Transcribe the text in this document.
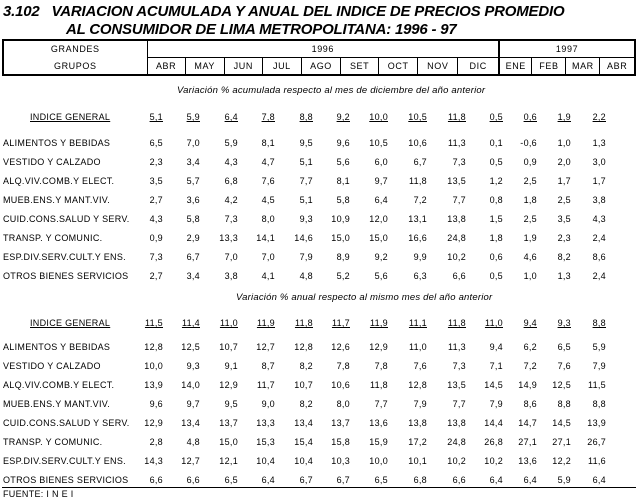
3.102 VARIACION ACUMULADA Y ANUAL DEL INDICE DE PRECIOS PROMEDIO
AL CONSUMIDOR DE LIMA METROPOLITANA: 1996 - 97
GRANDES	1996									1997			
GRUPOS	ABR	MAY	JUN	JUL	AGO	SET	OCT	NOV	DIC	ENE	FEB	MAR	ABR
Variación % acumulada respecto al mes de diciembre del año anterior
INDICE GENERAL	5,1	5,9	6,4	7,8	8,8	9,2	10,0	10,5	11,8	0,5	0,6	1,9	2,2
ALIMENTOS Y BEBIDAS	6,5	7,0	5,9	8,1	9,5	9,6	10,5	10,6	11,3	0,1	-0,6	1,0	1,3
VESTIDO Y CALZADO	2,3	3,4	4,3	4,7	5,1	5,6	6,0	6,7	7,3	0,5	0,9	2,0	3,0
ALQ.VIV.COMB.Y ELECT.	3,5	5,7	6,8	7,6	7,7	8,1	9,7	11,8	13,5	1,2	2,5	1,7	1,7
MUEB.ENS.Y MANT.VIV.	2,7	3,6	4,2	4,5	5,1	5,8	6,4	7,2	7,7	0,8	1,8	2,5	3,8
CUID.CONS.SALUD Y SERV.	4,3	5,8	7,3	8,0	9,3	10,9	12,0	13,1	13,8	1,5	2,5	3,5	4,3
TRANSP. Y COMUNIC.	0,9	2,9	13,3	14,1	14,6	15,0	15,0	16,6	24,8	1,8	1,9	2,3	2,4
ESP.DIV.SERV.CULT.Y ENS.	7,3	6,7	7,0	7,0	7,9	8,9	9,2	9,9	10,2	0,6	4,6	8,2	8,6
OTROS BIENES SERVICIOS	2,7	3,4	3,8	4,1	4,8	5,2	5,6	6,3	6,6	0,5	1,0	1,3	2,4
Variación % anual respecto al mismo mes del año anterior
INDICE GENERAL	11,5	11,4	11,0	11,9	11,8	11,7	11,9	11,1	11,8	11,0	9,4	9,3	8,8
ALIMENTOS Y BEBIDAS	12,8	12,5	10,7	12,7	12,8	12,6	12,9	11,0	11,3	9,4	6,2	6,5	5,9
VESTIDO Y CALZADO	10,0	9,3	9,1	8,7	8,2	7,8	7,8	7,6	7,3	7,1	7,2	7,6	7,9
ALQ.VIV.COMB.Y ELECT.	13,9	14,0	12,9	11,7	10,7	10,6	11,8	12,8	13,5	14,5	14,9	12,5	11,5
MUEB.ENS.Y MANT.VIV.	9,6	9,7	9,5	9,0	8,2	8,0	7,7	7,9	7,7	7,9	8,6	8,8	8,8
CUID.CONS.SALUD Y SERV.	12,9	13,4	13,7	13,3	13,4	13,7	13,6	13,8	13,8	14,4	14,7	14,5	13,9
TRANSP. Y COMUNIC.	2,8	4,8	15,0	15,3	15,4	15,8	15,9	17,2	24,8	26,8	27,1	27,1	26,7
ESP.DIV.SERV.CULT.Y ENS.	14,3	12,7	12,1	10,4	10,4	10,3	10,0	10,1	10,2	10,2	13,6	12,2	11,6
OTROS BIENES SERVICIOS	6,6	6,6	6,5	6,4	6,7	6,7	6,5	6,8	6,6	6,4	6,4	5,9	6,4
FUENTE: I N E I
